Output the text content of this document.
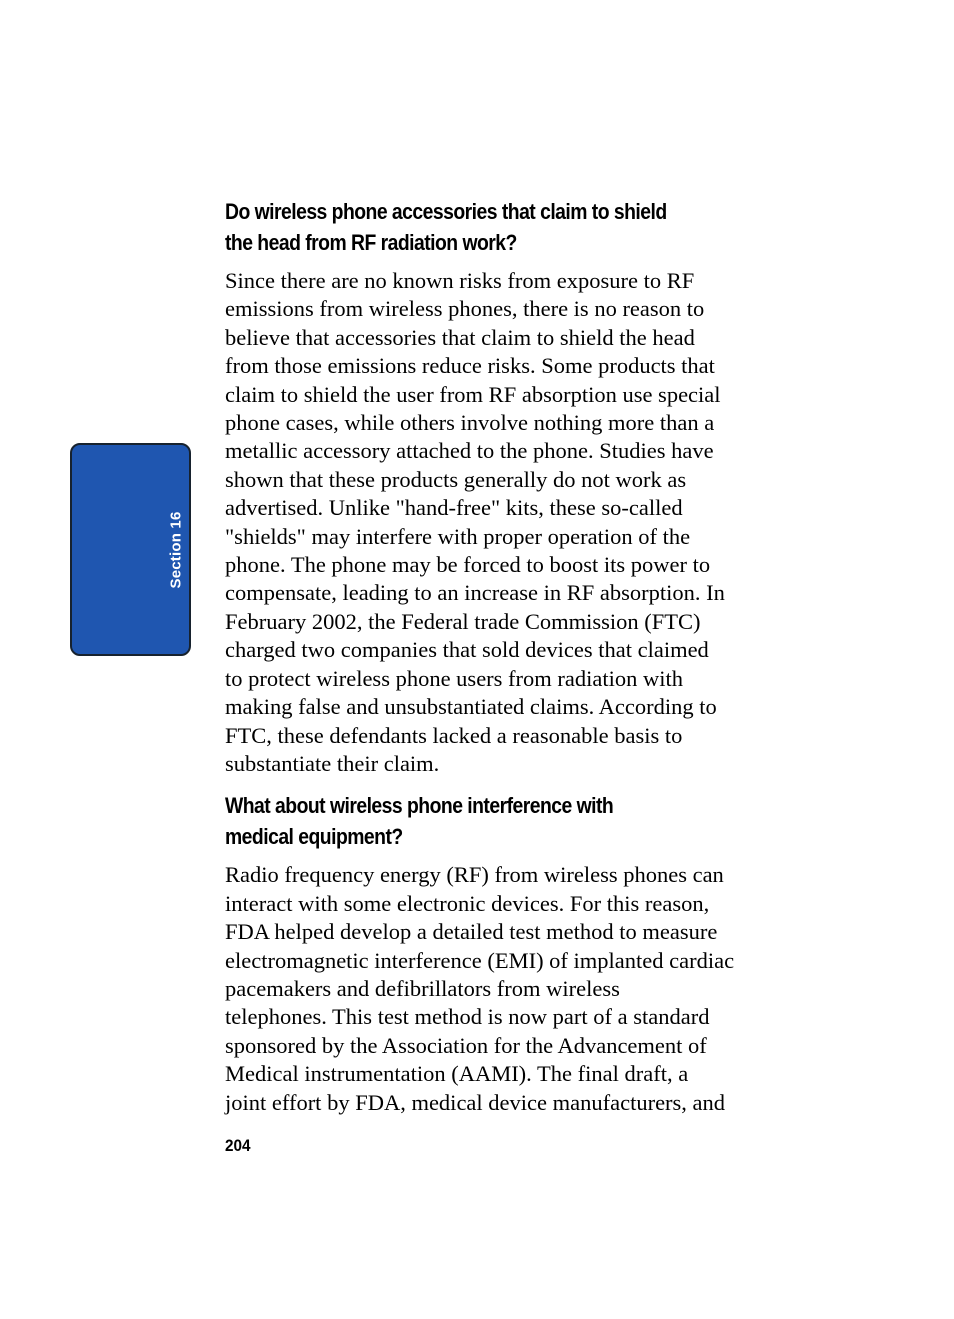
Section 16
Do wireless phone accessories that claim to shield
the head from RF radiation work?

Since there are no known risks from exposure to RF
emissions from wireless phones, there is no reason to
believe that accessories that claim to shield the head
from those emissions reduce risks. Some products that
claim to shield the user from RF absorption use special
phone cases, while others involve nothing more than a
metallic accessory attached to the phone. Studies have
shown that these products generally do not work as
advertised. Unlike "hand-free" kits, these so-called
"shields" may interfere with proper operation of the
phone. The phone may be forced to boost its power to
compensate, leading to an increase in RF absorption. In
February 2002, the Federal trade Commission (FTC)
charged two companies that sold devices that claimed
to protect wireless phone users from radiation with
making false and unsubstantiated claims. According to
FTC, these defendants lacked a reasonable basis to
substantiate their claim.

What about wireless phone interference with
medical equipment?

Radio frequency energy (RF) from wireless phones can
interact with some electronic devices. For this reason,
FDA helped develop a detailed test method to measure
electromagnetic interference (EMI) of implanted cardiac
pacemakers and defibrillators from wireless
telephones. This test method is now part of a standard
sponsored by the Association for the Advancement of
Medical instrumentation (AAMI). The final draft, a
joint effort by FDA, medical device manufacturers, and

204
